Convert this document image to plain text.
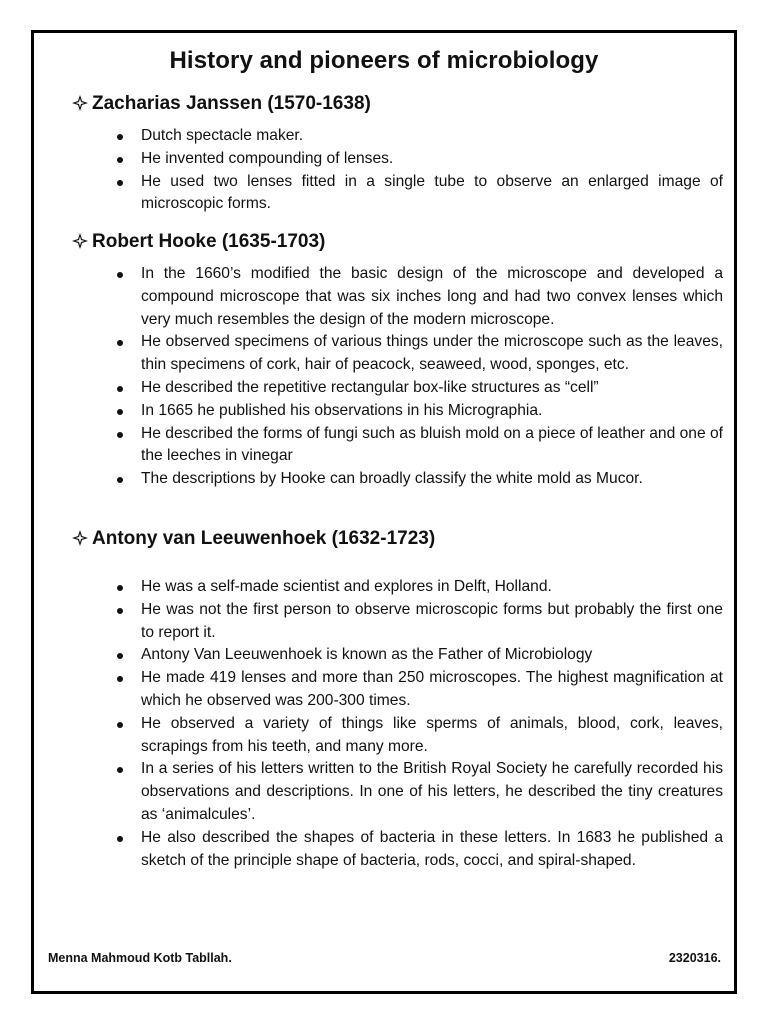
History and pioneers of microbiology
Zacharias Janssen (1570-1638)
Dutch spectacle maker.
He invented compounding of lenses.
He used two lenses fitted in a single tube to observe an enlarged image of microscopic forms.
Robert Hooke (1635-1703)
In the 1660’s modified the basic design of the microscope and developed a compound microscope that was six inches long and had two convex lenses which very much resembles the design of the modern microscope.
He observed specimens of various things under the microscope such as the leaves, thin specimens of cork, hair of peacock, seaweed, wood, sponges, etc.
He described the repetitive rectangular box-like structures as “cell”
In 1665 he published his observations in his Micrographia.
He described the forms of fungi such as bluish mold on a piece of leather and one of the leeches in vinegar
The descriptions by Hooke can broadly classify the white mold as Mucor.
Antony van Leeuwenhoek (1632-1723)
He was a self-made scientist and explores in Delft, Holland.
He was not the first person to observe microscopic forms but probably the first one to report it.
Antony Van Leeuwenhoek is known as the Father of Microbiology
He made 419 lenses and more than 250 microscopes. The highest magnification at which he observed was 200-300 times.
He observed a variety of things like sperms of animals, blood, cork, leaves, scrapings from his teeth, and many more.
In a series of his letters written to the British Royal Society he carefully recorded his observations and descriptions. In one of his letters, he described the tiny creatures as ‘animalcules’.
He also described the shapes of bacteria in these letters. In 1683 he published a sketch of the principle shape of bacteria, rods, cocci, and spiral-shaped.
Menna Mahmoud Kotb Tabllah.	2320316.
